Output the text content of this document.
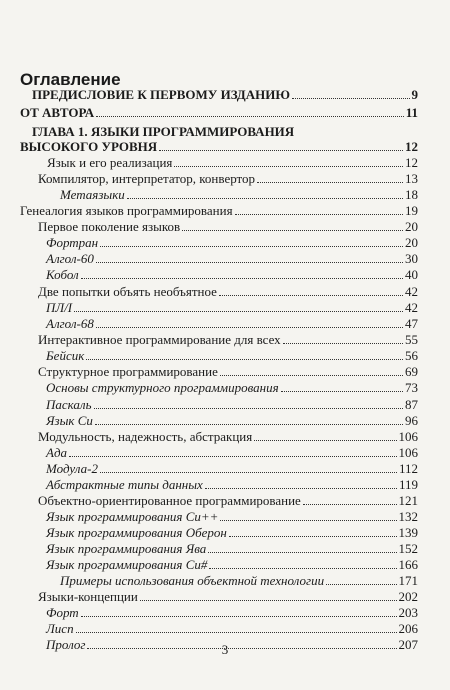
Оглавление
ПРЕДИСЛОВИЕ К ПЕРВОМУ ИЗДАНИЮ	9
ОТ АВТОРА	11
ГЛАВА 1. ЯЗЫКИ ПРОГРАММИРОВАНИЯ
ВЫСОКОГО УРОВНЯ	12
Язык и его реализация	12
Компилятор, интерпретатор, конвертор	13
Метаязыки	18
Генеалогия языков программирования	19
Первое поколение языков	20
Фортран	20
Алгол-60	30
Кобол	40
Две попытки объять необъятное	42
ПЛ/I	42
Алгол-68	47
Интерактивное программирование для всех	55
Бейсик	56
Структурное программирование	69
Основы структурного программирования	73
Паскаль	87
Язык Си	96
Модульность, надежность, абстракция	106
Ада	106
Модула-2	112
Абстрактные типы данных	119
Объектно-ориентированное программирование	121
Язык программирования Си++	132
Язык программирования Оберон	139
Язык программирования Ява	152
Язык программирования Си#	166
Примеры использования объектной технологии	171
Языки-концепции	202
Форт	203
Лисп	206
Пролог	207
3
